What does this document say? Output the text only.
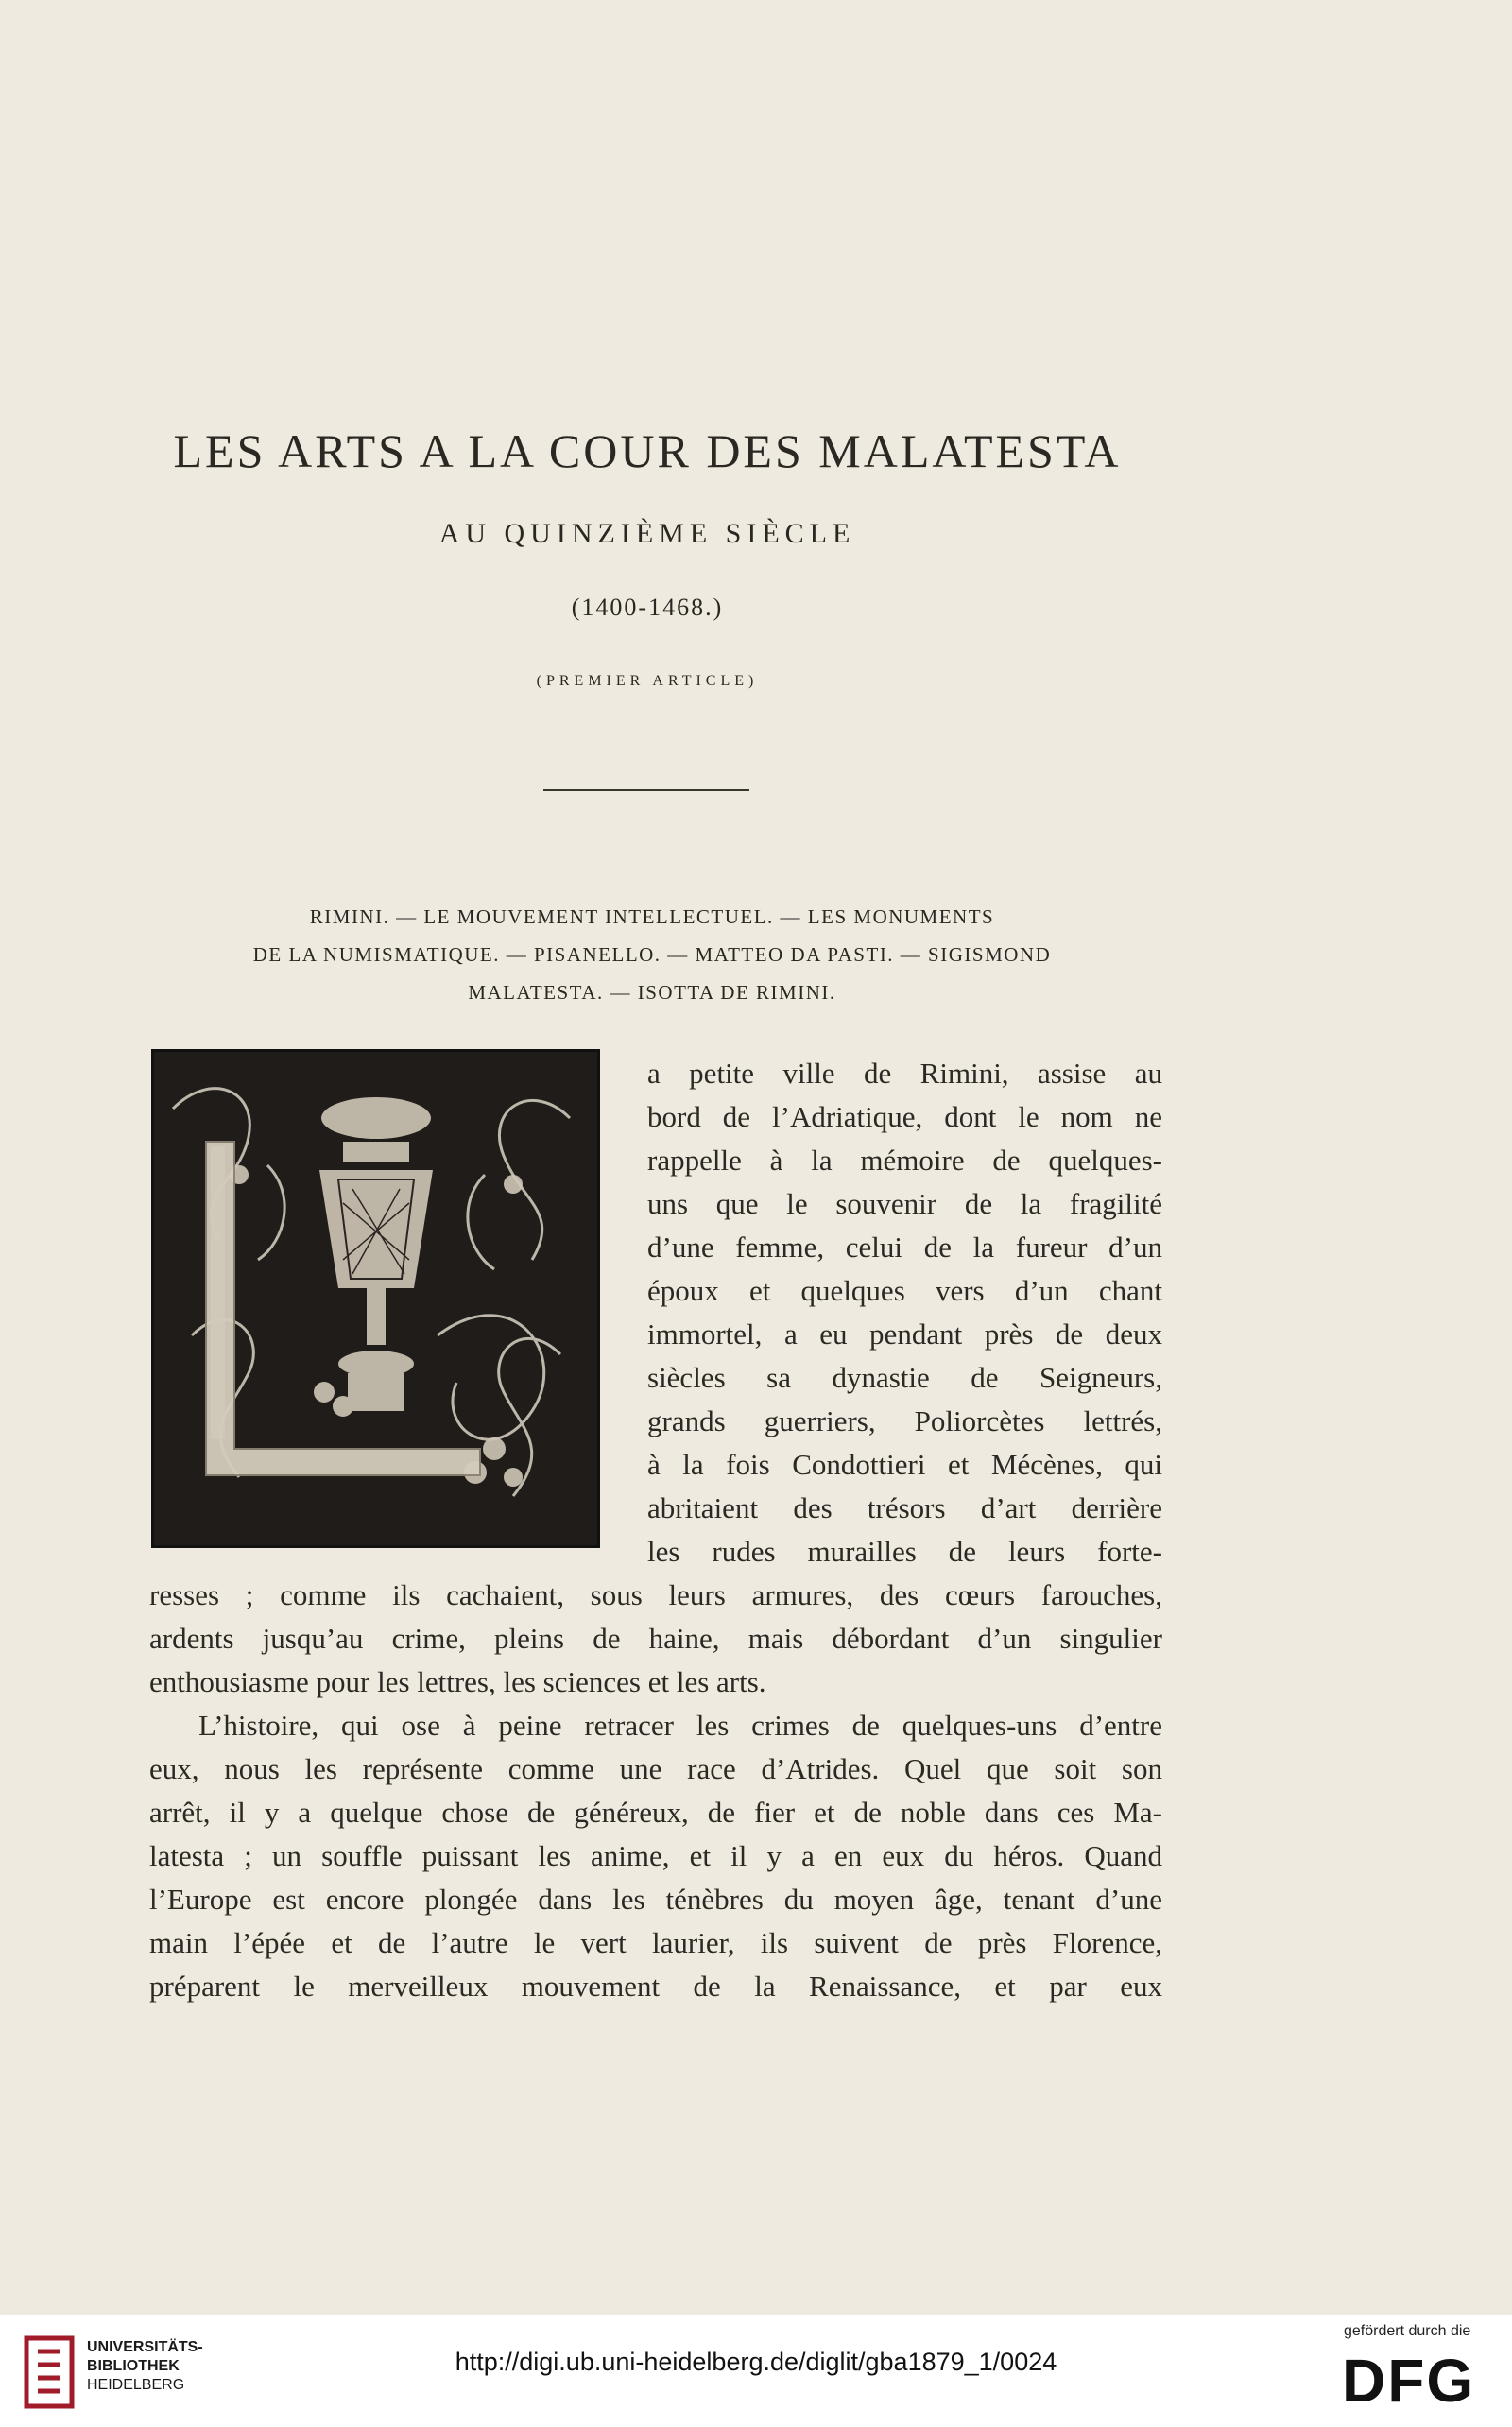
LES ARTS A LA COUR DES MALATESTA
AU QUINZIÈME SIÈCLE
(1400-1468.)
(PREMIER ARTICLE)
RIMINI. — LE MOUVEMENT INTELLECTUEL. — LES MONUMENTS
DE LA NUMISMATIQUE. — PISANELLO. — MATTEO DA PASTI. — SIGISMOND
MALATESTA. — ISOTTA DE RIMINI.
a petite ville de Rimini, assise au
bord de l’Adriatique, dont le nom ne
rappelle à la mémoire de quelques-
uns que le souvenir de la fragilité
d’une femme, celui de la fureur d’un
époux et quelques vers d’un chant
immortel, a eu pendant près de deux
siècles sa dynastie de Seigneurs,
grands guerriers, Poliorcètes lettrés,
à la fois Condottieri et Mécènes, qui
abritaient des trésors d’art derrière
les rudes murailles de leurs forte-
resses ; comme ils cachaient, sous leurs armures, des cœurs farouches,
ardents jusqu’au crime, pleins de haine, mais débordant d’un singulier
enthousiasme pour les lettres, les sciences et les arts.
L’histoire, qui ose à peine retracer les crimes de quelques-uns d’entre
eux, nous les représente comme une race d’Atrides. Quel que soit son
arrêt, il y a quelque chose de généreux, de fier et de noble dans ces Ma-
latesta ; un souffle puissant les anime, et il y a en eux du héros. Quand
l’Europe est encore plongée dans les ténèbres du moyen âge, tenant d’une
main l’épée et de l’autre le vert laurier, ils suivent de près Florence,
préparent le merveilleux mouvement de la Renaissance, et par eux
UNIVERSITÄTS-
BIBLIOTHEK
HEIDELBERG
http://digi.ub.uni-heidelberg.de/diglit/gba1879_1/0024
gefördert durch die
DFG
